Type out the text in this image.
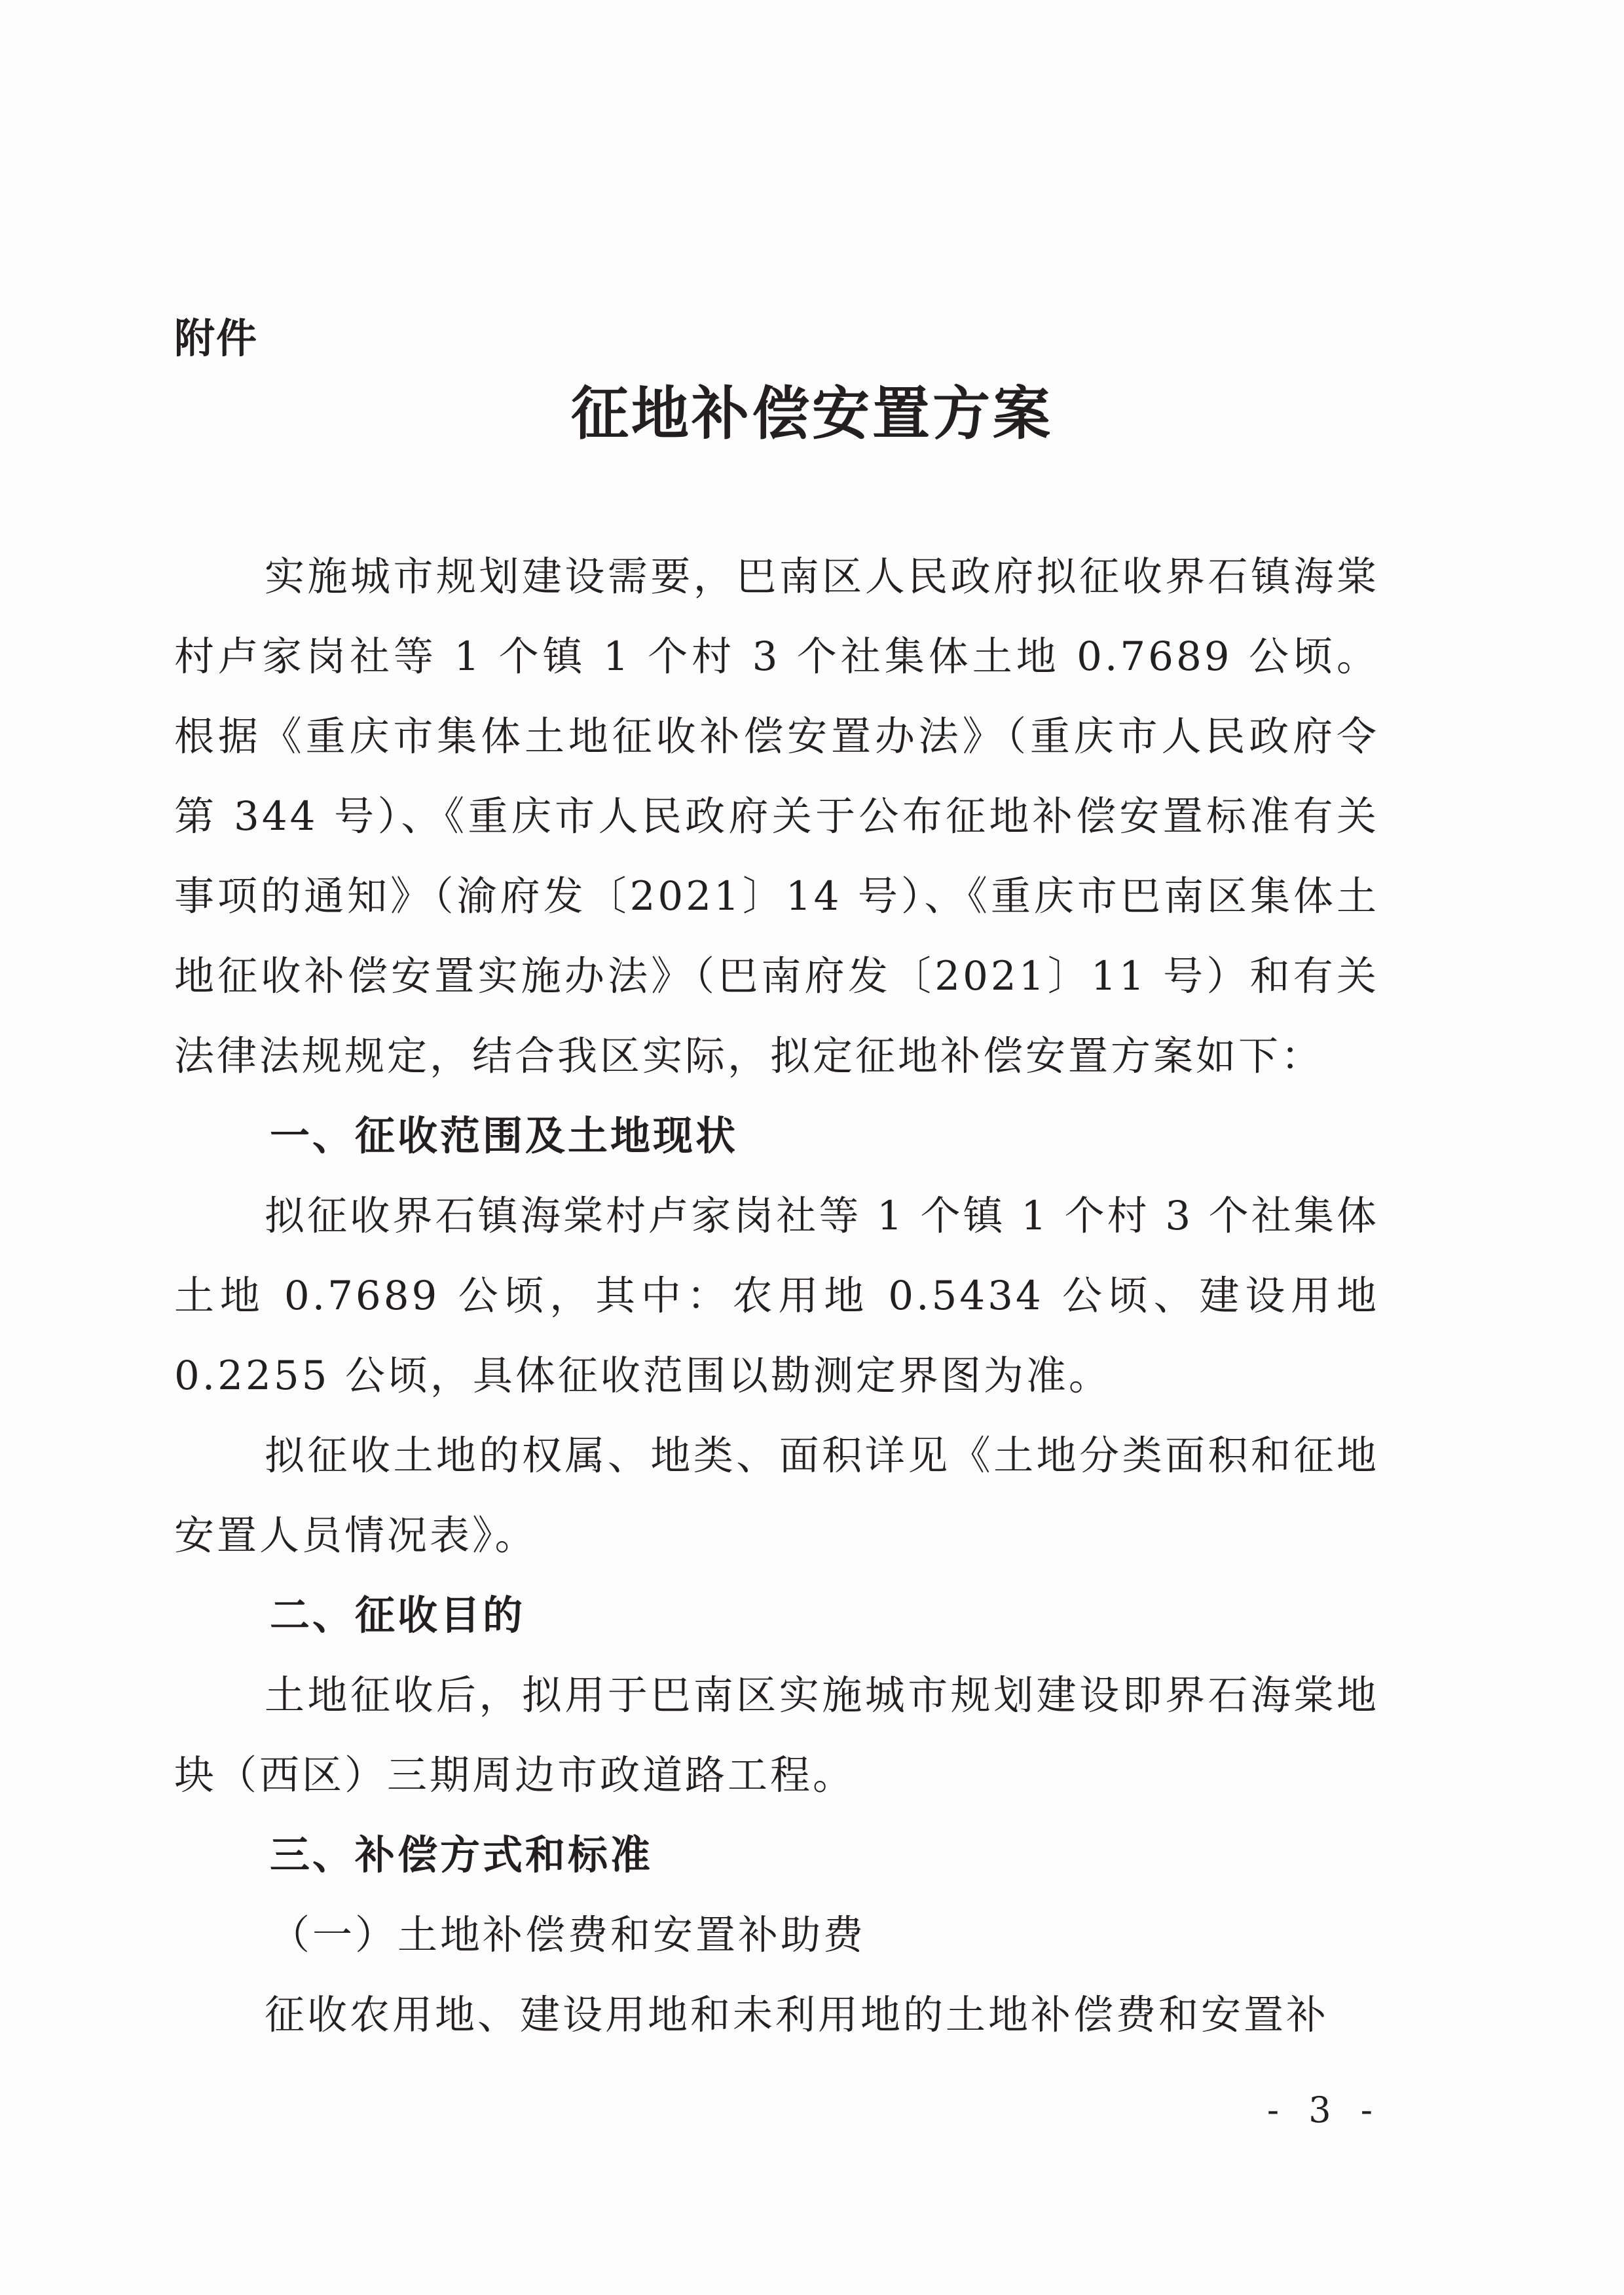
附件
征地补偿安置方案

实施城市规划建设需要，巴南区人民政府拟征收界石镇海棠村卢家岗社等 1 个镇 1 个村 3 个社集体土地 0.7689 公顷。根据《重庆市集体土地征收补偿安置办法》（重庆市人民政府令第 344 号）、《重庆市人民政府关于公布征地补偿安置标准有关事项的通知》（渝府发〔2021〕14 号）、《重庆市巴南区集体土地征收补偿安置实施办法》（巴南府发〔2021〕11 号）和有关法律法规规定，结合我区实际，拟定征地补偿安置方案如下：

一、征收范围及土地现状

拟征收界石镇海棠村卢家岗社等 1 个镇 1 个村 3 个社集体土地 0.7689 公顷，其中：农用地 0.5434 公顷、建设用地 0.2255 公顷，具体征收范围以勘测定界图为准。

拟征收土地的权属、地类、面积详见《土地分类面积和征地安置人员情况表》。

二、征收目的

土地征收后，拟用于巴南区实施城市规划建设即界石海棠地块（西区）三期周边市政道路工程。

三、补偿方式和标准

（一）土地补偿费和安置补助费

征收农用地、建设用地和未利用地的土地补偿费和安置补

- 3 -
